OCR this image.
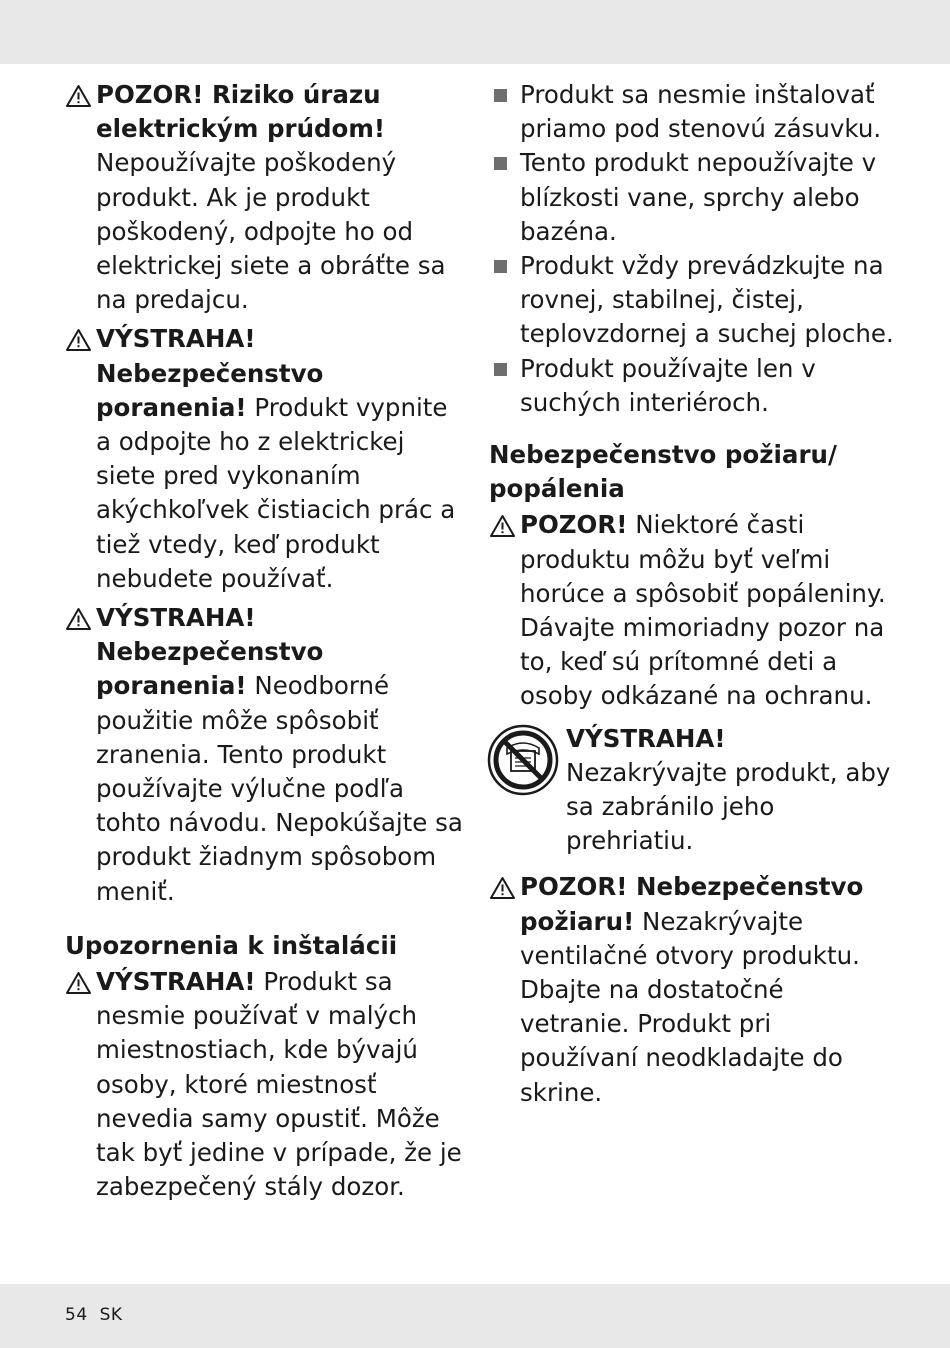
POZOR! Riziko úrazu elektrickým prúdom! Nepoužívajte poškodený produkt. Ak je produkt poškodený, odpojte ho od elektrickej siete a obráťte sa na predajcu.
VÝSTRAHA! Nebezpečenstvo poranenia! Produkt vypnite a odpojte ho z elektrickej siete pred vykonaním akýchkoľvek čistiacich prác a tiež vtedy, keď produkt nebudete používať.
VÝSTRAHA! Nebezpečenstvo poranenia! Neodborné použitie môže spôsobiť zranenia. Tento produkt používajte výlučne podľa tohto návodu. Nepokúšajte sa produkt žiadnym spôsobom meniť.
Upozornenia k inštalácii
VÝSTRAHA! Produkt sa nesmie používať v malých miestnostiach, kde bývajú osoby, ktoré miestnosť nevedia samy opustiť. Môže tak byť jedine v prípade, že je zabezpečený stály dozor.
Produkt sa nesmie inštalovať priamo pod stenovú zásuvku.
Tento produkt nepoužívajte v blízkosti vane, sprchy alebo bazéna.
Produkt vždy prevádzkujte na rovnej, stabilnej, čistej, teplovzdornej a suchej ploche.
Produkt používajte len v suchých interiéroch.
Nebezpečenstvo požiaru/ popálenia
POZOR! Niektoré časti produktu môžu byť veľmi horúce a spôsobiť popáleniny. Dávajte mimoriadny pozor na to, keď sú prítomné deti a osoby odkázané na ochranu.
VÝSTRAHA!
Nezakrývajte produkt, aby sa zabránilo jeho prehriatiu.
POZOR! Nebezpečenstvo požiaru! Nezakrývajte ventilačné otvory produktu. Dbajte na dostatočné vetranie. Produkt pri používaní neodkladajte do skrine.
54 SK
